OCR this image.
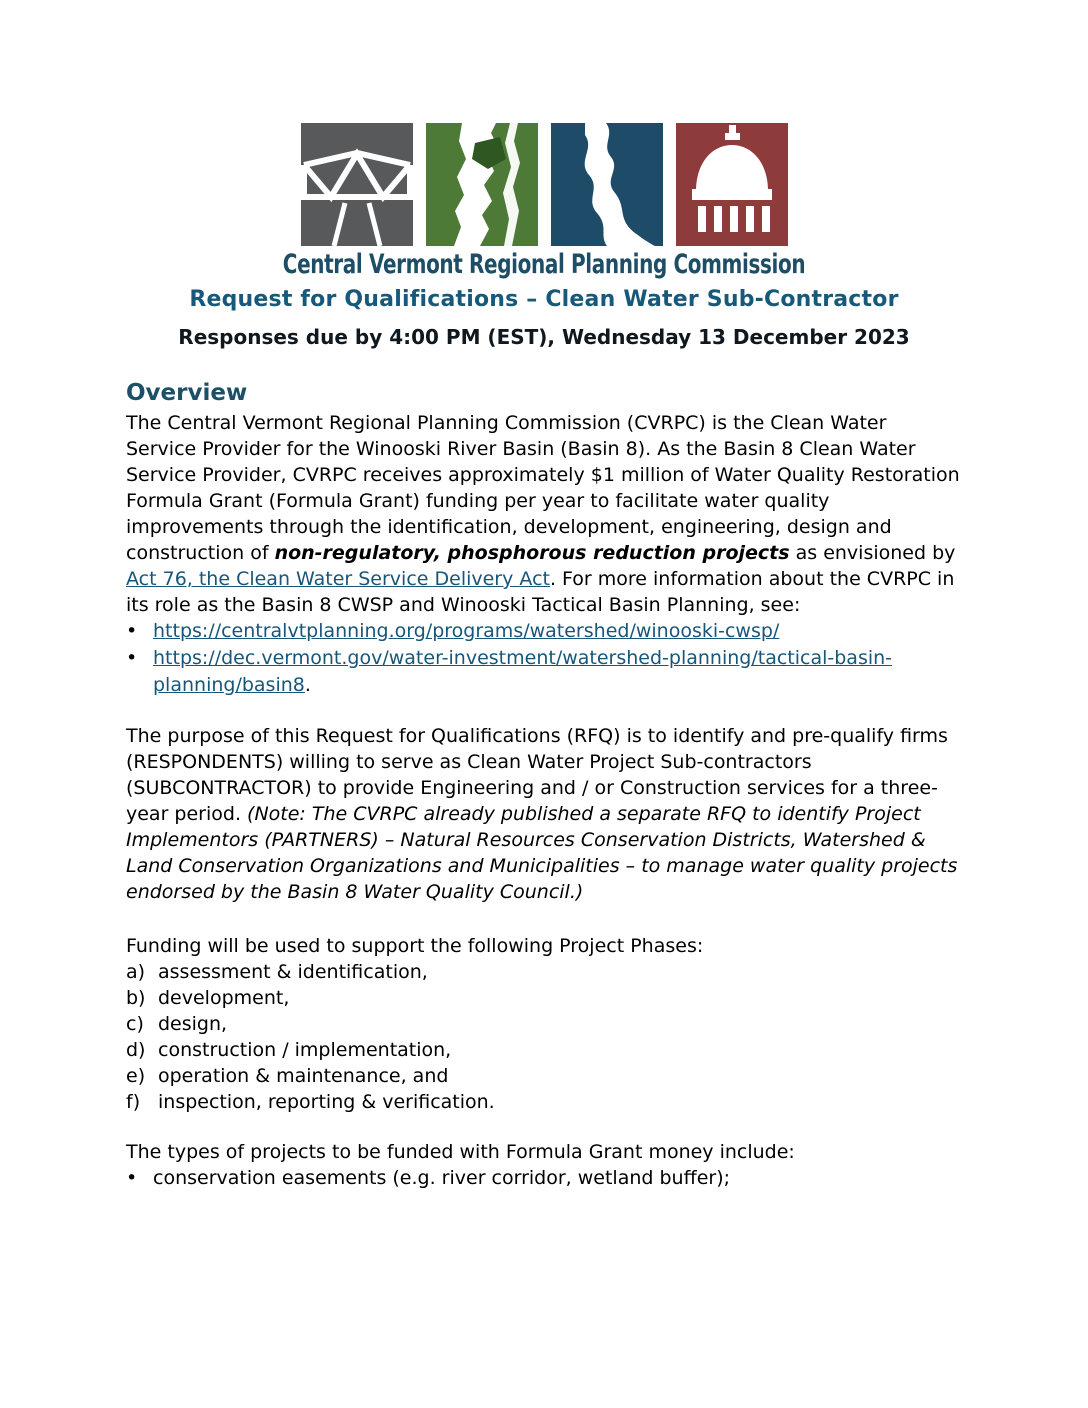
Central Vermont Regional Planning Commission
Request for Qualifications – Clean Water Sub-Contractor
Responses due by 4:00 PM (EST), Wednesday 13 December 2023
Overview

The Central Vermont Regional Planning Commission (CVRPC) is the Clean Water Service Provider for the Winooski River Basin (Basin 8). As the Basin 8 Clean Water Service Provider, CVRPC receives approximately $1 million of Water Quality Restoration Formula Grant (Formula Grant) funding per year to facilitate water quality improvements through the identification, development, engineering, design and construction of non-regulatory, phosphorous reduction projects as envisioned by Act 76, the Clean Water Service Delivery Act. For more information about the CVRPC in its role as the Basin 8 CWSP and Winooski Tactical Basin Planning, see:

• https://centralvtplanning.org/programs/watershed/winooski-cwsp/
• https://dec.vermont.gov/water-investment/watershed-planning/tactical-basin-planning/basin8.

The purpose of this Request for Qualifications (RFQ) is to identify and pre-qualify firms (RESPONDENTS) willing to serve as Clean Water Project Sub-contractors (SUBCONTRACTOR) to provide Engineering and / or Construction services for a three-year period. (Note: The CVRPC already published a separate RFQ to identify Project Implementors (PARTNERS) – Natural Resources Conservation Districts, Watershed & Land Conservation Organizations and Municipalities – to manage water quality projects endorsed by the Basin 8 Water Quality Council.)

Funding will be used to support the following Project Phases:

a) assessment & identification,
b) development,
c) design,
d) construction / implementation,
e) operation & maintenance, and
f) inspection, reporting & verification.

The types of projects to be funded with Formula Grant money include:

• conservation easements (e.g. river corridor, wetland buffer);
